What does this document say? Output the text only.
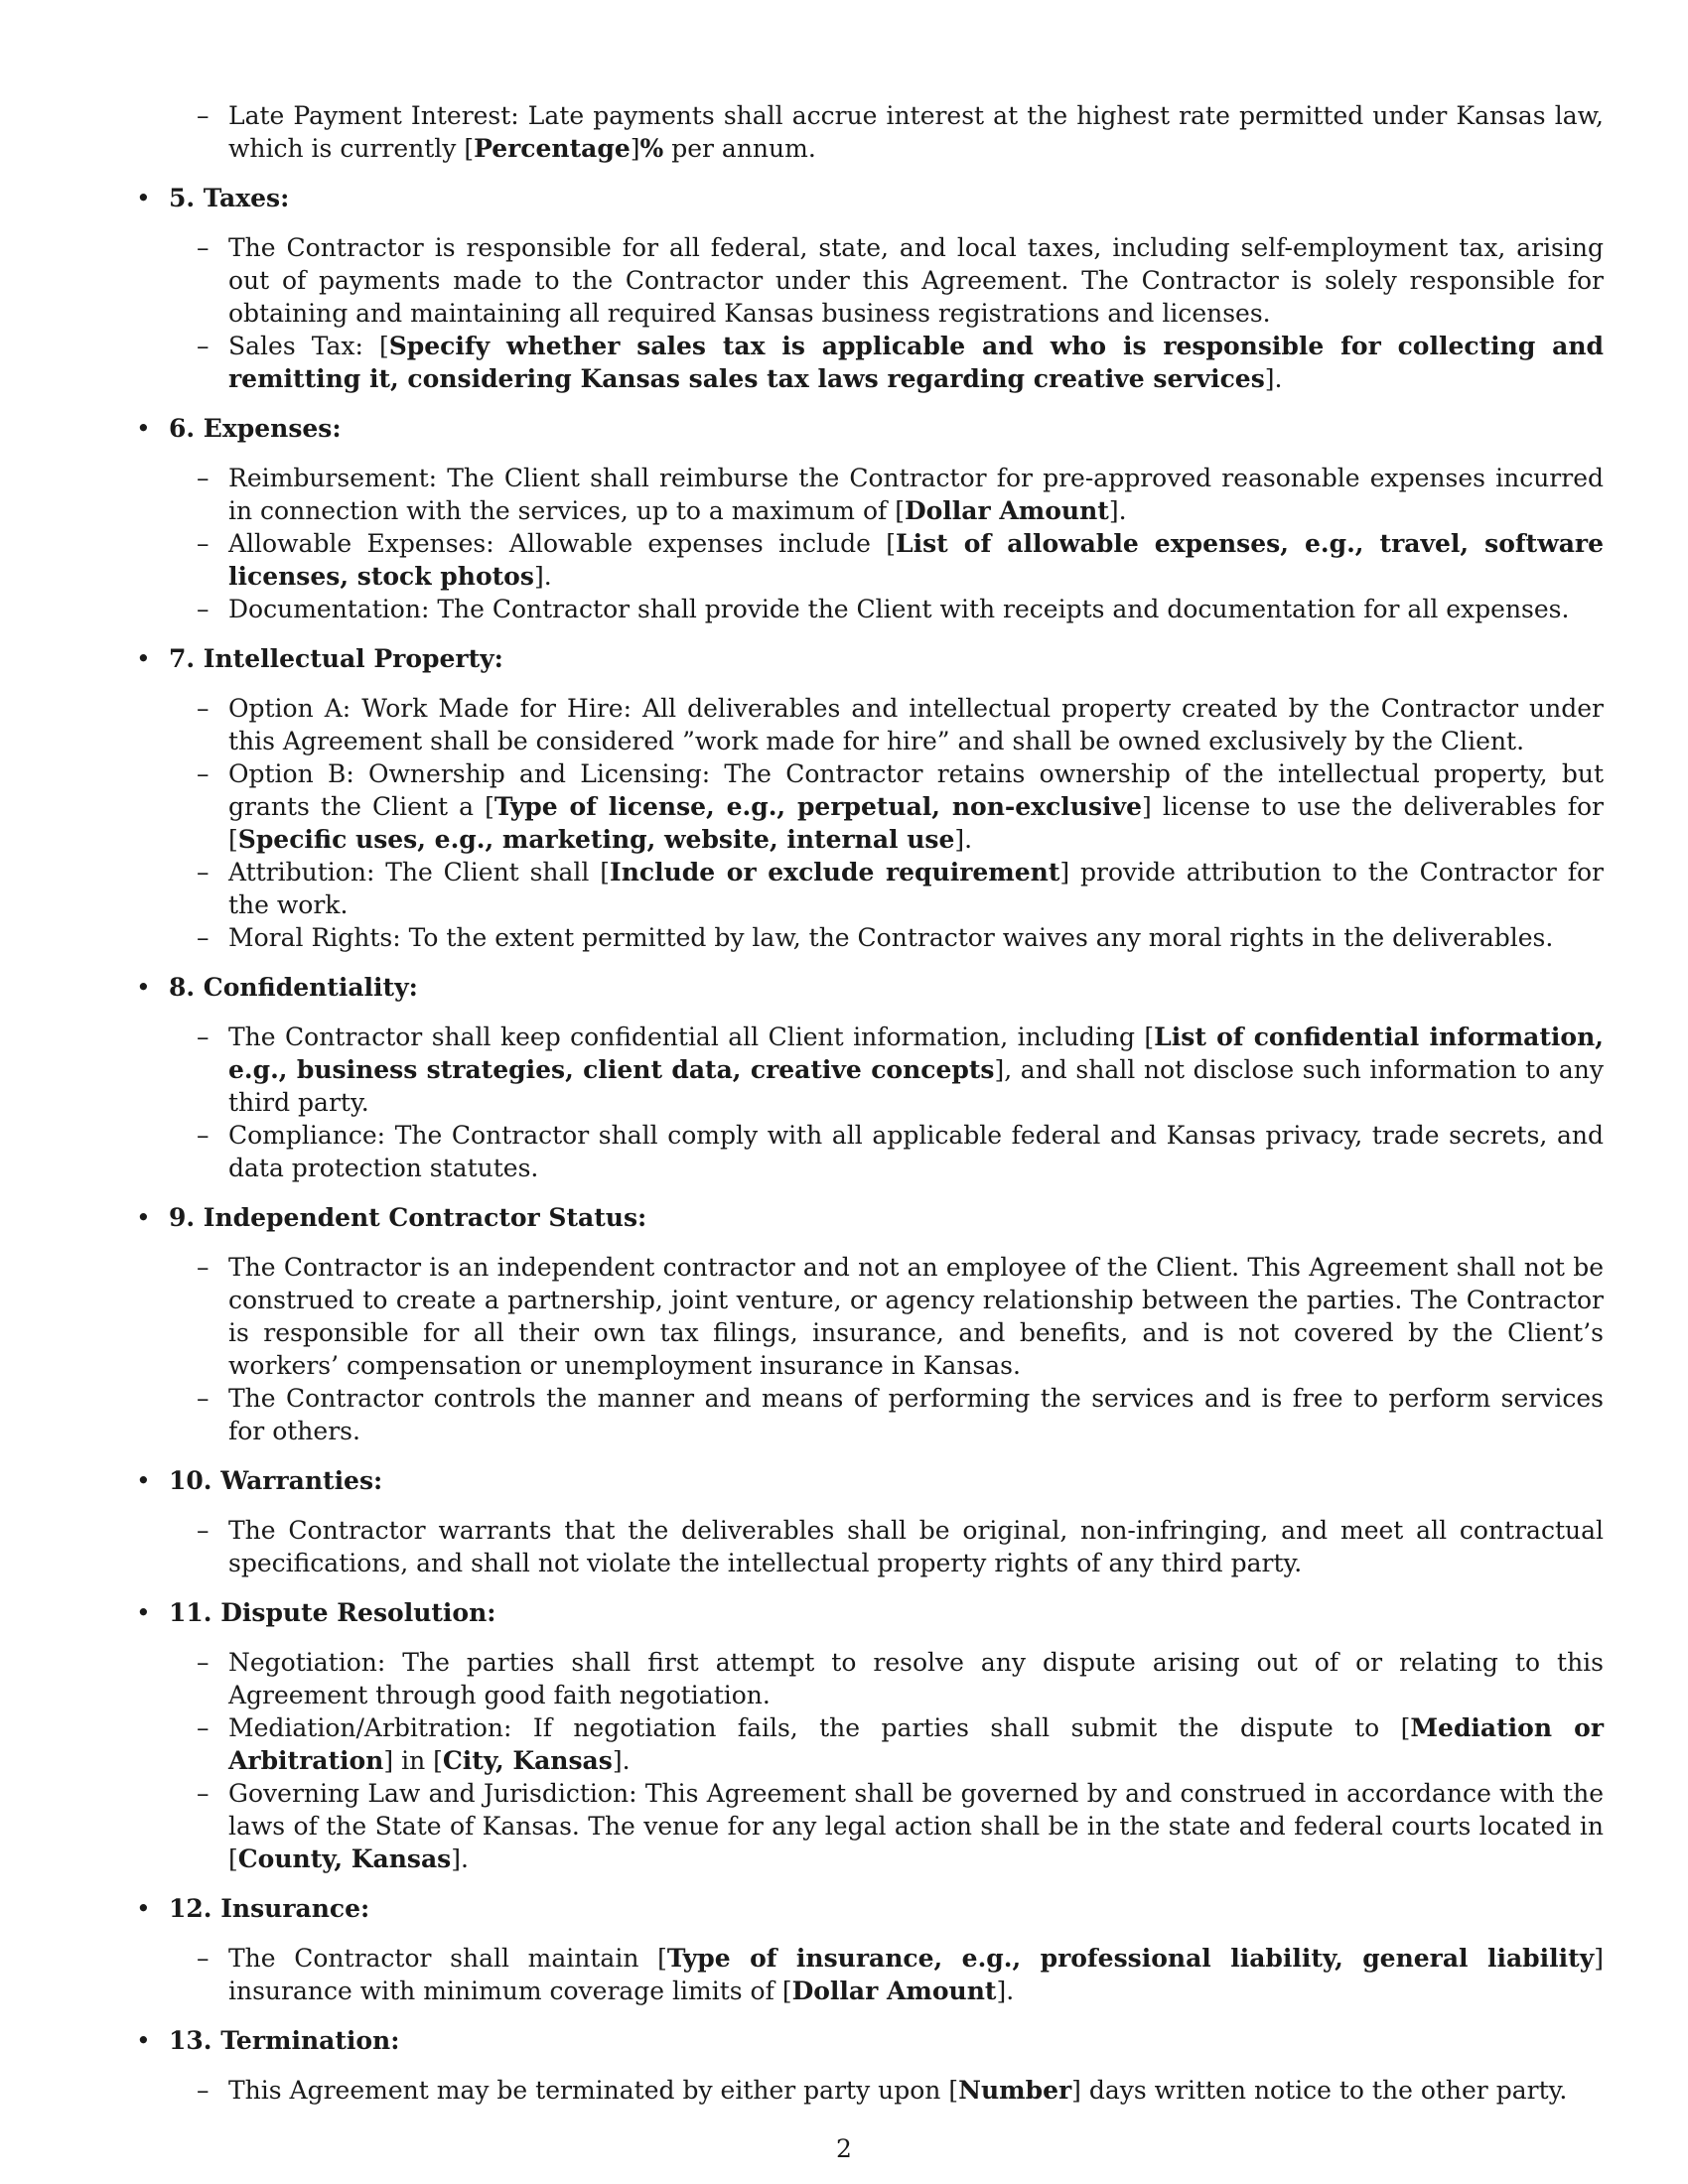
– Late Payment Interest: Late payments shall accrue interest at the highest rate permitted under Kansas law, which is currently [Percentage]% per annum.
• 5. Taxes:
– The Contractor is responsible for all federal, state, and local taxes, including self-employment tax, arising out of payments made to the Contractor under this Agreement. The Contractor is solely responsible for obtaining and maintaining all required Kansas business registrations and licenses.
– Sales Tax: [Specify whether sales tax is applicable and who is responsible for collecting and remitting it, considering Kansas sales tax laws regarding creative services].
• 6. Expenses:
– Reimbursement: The Client shall reimburse the Contractor for pre-approved reasonable expenses incurred in connection with the services, up to a maximum of [Dollar Amount].
– Allowable Expenses: Allowable expenses include [List of allowable expenses, e.g., travel, software licenses, stock photos].
– Documentation: The Contractor shall provide the Client with receipts and documentation for all expenses.
• 7. Intellectual Property:
– Option A: Work Made for Hire: All deliverables and intellectual property created by the Contractor under this Agreement shall be considered ”work made for hire” and shall be owned exclusively by the Client.
– Option B: Ownership and Licensing: The Contractor retains ownership of the intellectual property, but grants the Client a [Type of license, e.g., perpetual, non-exclusive] license to use the deliverables for [Specific uses, e.g., marketing, website, internal use].
– Attribution: The Client shall [Include or exclude requirement] provide attribution to the Contractor for the work.
– Moral Rights: To the extent permitted by law, the Contractor waives any moral rights in the deliverables.
• 8. Confidentiality:
– The Contractor shall keep confidential all Client information, including [List of confidential information, e.g., business strategies, client data, creative concepts], and shall not disclose such information to any third party.
– Compliance: The Contractor shall comply with all applicable federal and Kansas privacy, trade secrets, and data protection statutes.
• 9. Independent Contractor Status:
– The Contractor is an independent contractor and not an employee of the Client. This Agreement shall not be construed to create a partnership, joint venture, or agency relationship between the parties. The Contractor is responsible for all their own tax filings, insurance, and benefits, and is not covered by the Client’s workers’ compensation or unemployment insurance in Kansas.
– The Contractor controls the manner and means of performing the services and is free to perform services for others.
• 10. Warranties:
– The Contractor warrants that the deliverables shall be original, non-infringing, and meet all contractual specifications, and shall not violate the intellectual property rights of any third party.
• 11. Dispute Resolution:
– Negotiation: The parties shall first attempt to resolve any dispute arising out of or relating to this Agreement through good faith negotiation.
– Mediation/Arbitration: If negotiation fails, the parties shall submit the dispute to [Mediation or Arbitration] in [City, Kansas].
– Governing Law and Jurisdiction: This Agreement shall be governed by and construed in accordance with the laws of the State of Kansas. The venue for any legal action shall be in the state and federal courts located in [County, Kansas].
• 12. Insurance:
– The Contractor shall maintain [Type of insurance, e.g., professional liability, general liability] insurance with minimum coverage limits of [Dollar Amount].
• 13. Termination:
– This Agreement may be terminated by either party upon [Number] days written notice to the other party.
2
